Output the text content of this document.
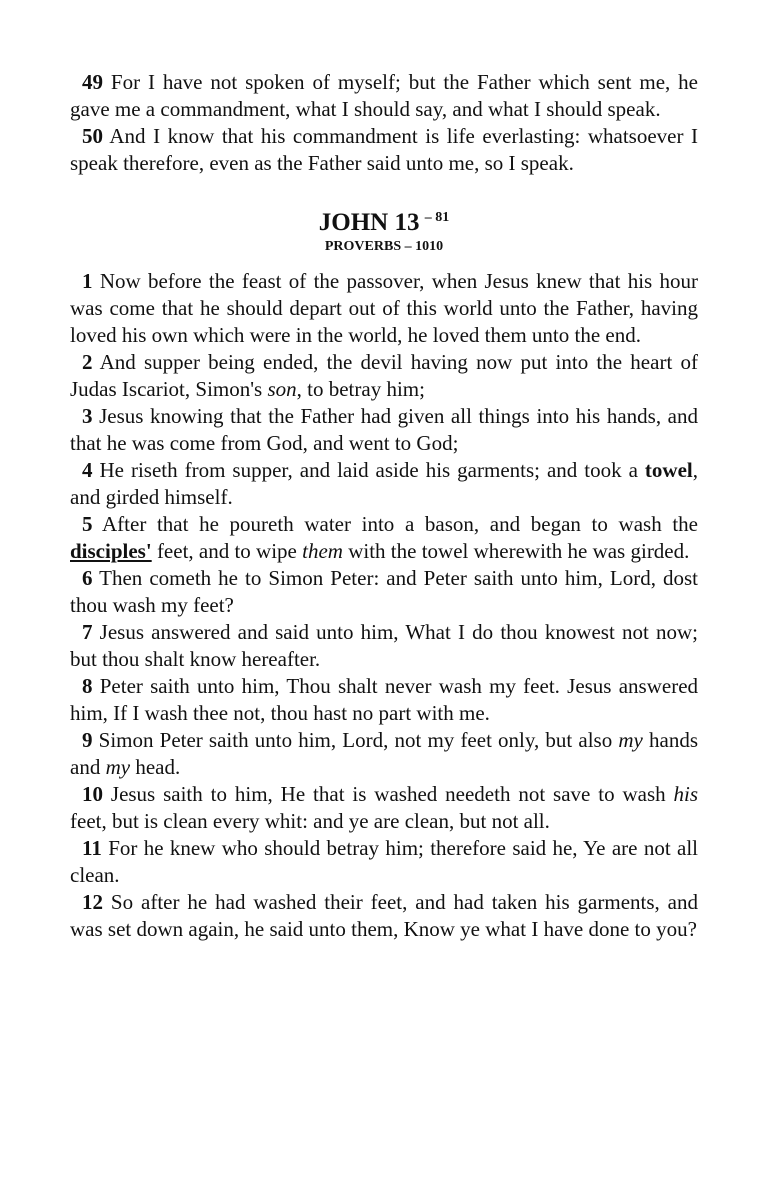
49 For I have not spoken of myself; but the Father which sent me, he gave me a commandment, what I should say, and what I should speak.

50 And I know that his commandment is life everlasting: whatsoever I speak therefore, even as the Father said unto me, so I speak.

JOHN 13 $^{- 81}$
PROVERBS – 1010

1 Now before the feast of the passover, when Jesus knew that his hour was come that he should depart out of this world unto the Father, having loved his own which were in the world, he loved them unto the end.

2 And supper being ended, the devil having now put into the heart of Judas Iscariot, Simon's son, to betray him;

3 Jesus knowing that the Father had given all things into his hands, and that he was come from God, and went to God;

4 He riseth from supper, and laid aside his garments; and took a towel, and girded himself.

5 After that he poureth water into a bason, and began to wash the disciples' feet, and to wipe them with the towel wherewith he was girded.

6 Then cometh he to Simon Peter: and Peter saith unto him, Lord, dost thou wash my feet?

7 Jesus answered and said unto him, What I do thou knowest not now; but thou shalt know hereafter.

8 Peter saith unto him, Thou shalt never wash my feet. Jesus answered him, If I wash thee not, thou hast no part with me.

9 Simon Peter saith unto him, Lord, not my feet only, but also my hands and my head.

10 Jesus saith to him, He that is washed needeth not save to wash his feet, but is clean every whit: and ye are clean, but not all.

11 For he knew who should betray him; therefore said he, Ye are not all clean.

12 So after he had washed their feet, and had taken his garments, and was set down again, he said unto them, Know ye what I have done to you?
